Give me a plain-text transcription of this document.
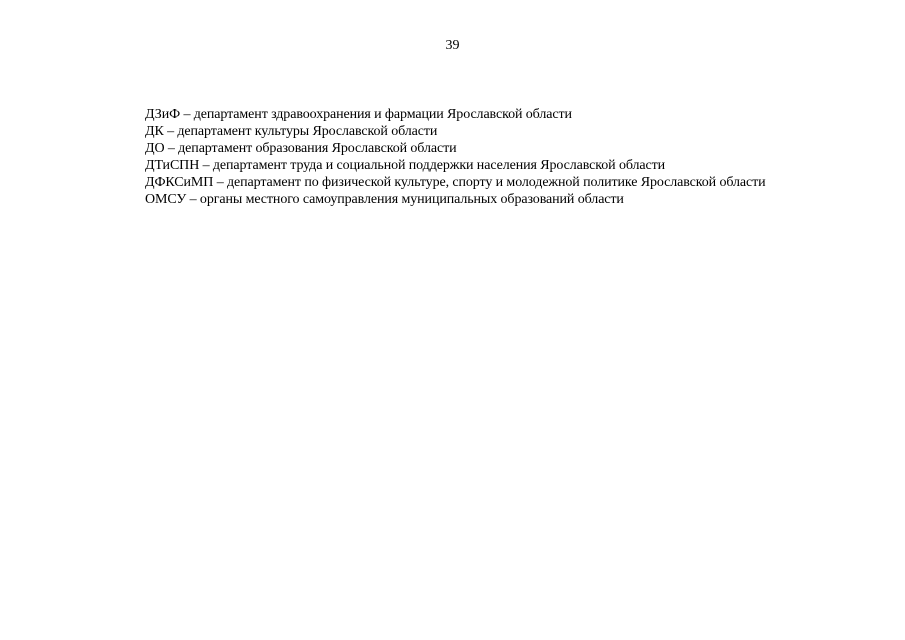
39
ДЗиФ – департамент здравоохранения и фармации Ярославской области
ДК – департамент культуры Ярославской области
ДО – департамент образования Ярославской области
ДТиСПН – департамент труда и социальной поддержки населения Ярославской области
ДФКСиМП – департамент по физической культуре, спорту и молодежной политике Ярославской области
ОМСУ – органы местного самоуправления муниципальных образований области
